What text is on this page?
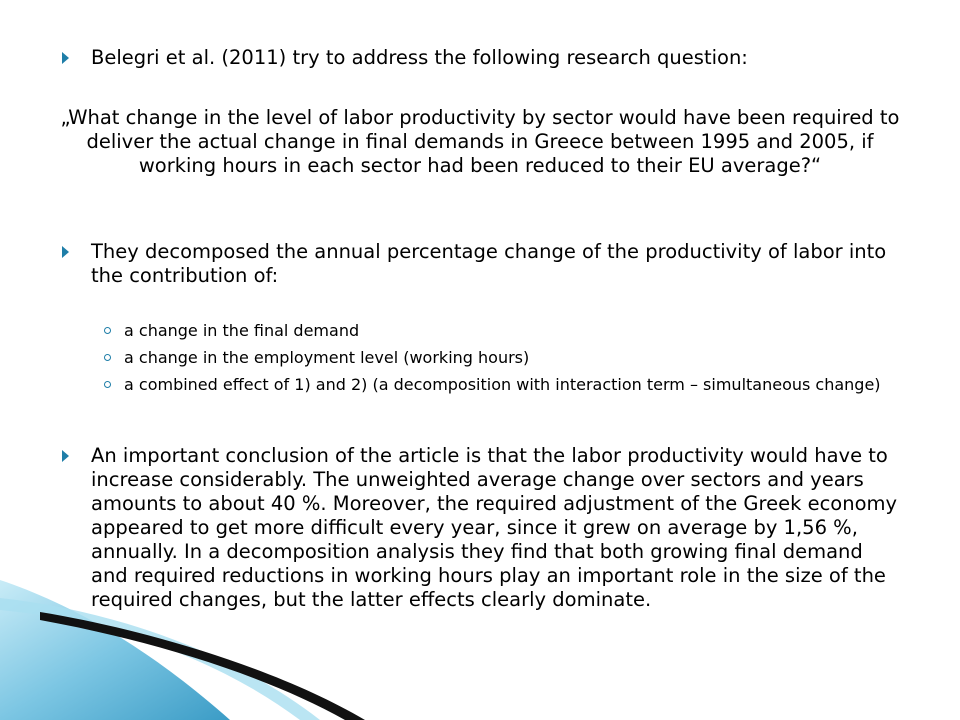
Belegri et al. (2011) try to address the following research question:
„What change in the level of labor productivity by sector would have been required to deliver the actual change in final demands in Greece between 1995 and 2005, if working hours in each sector had been reduced to their EU average?“
They decomposed the annual percentage change of the productivity of labor into the contribution of:
a change in the final demand
a change in the employment level (working hours)
a combined effect of 1) and 2) (a decomposition with interaction term – simultaneous change)
An important conclusion of the article is that the labor productivity would have to increase considerably. The unweighted average change over sectors and years amounts to about 40 %. Moreover, the required adjustment of the Greek economy appeared to get more difficult every year, since it grew on average by 1,56 %, annually. In a decomposition analysis they find that both growing final demand and required reductions in working hours play an important role in the size of the required changes, but the latter effects clearly dominate.
